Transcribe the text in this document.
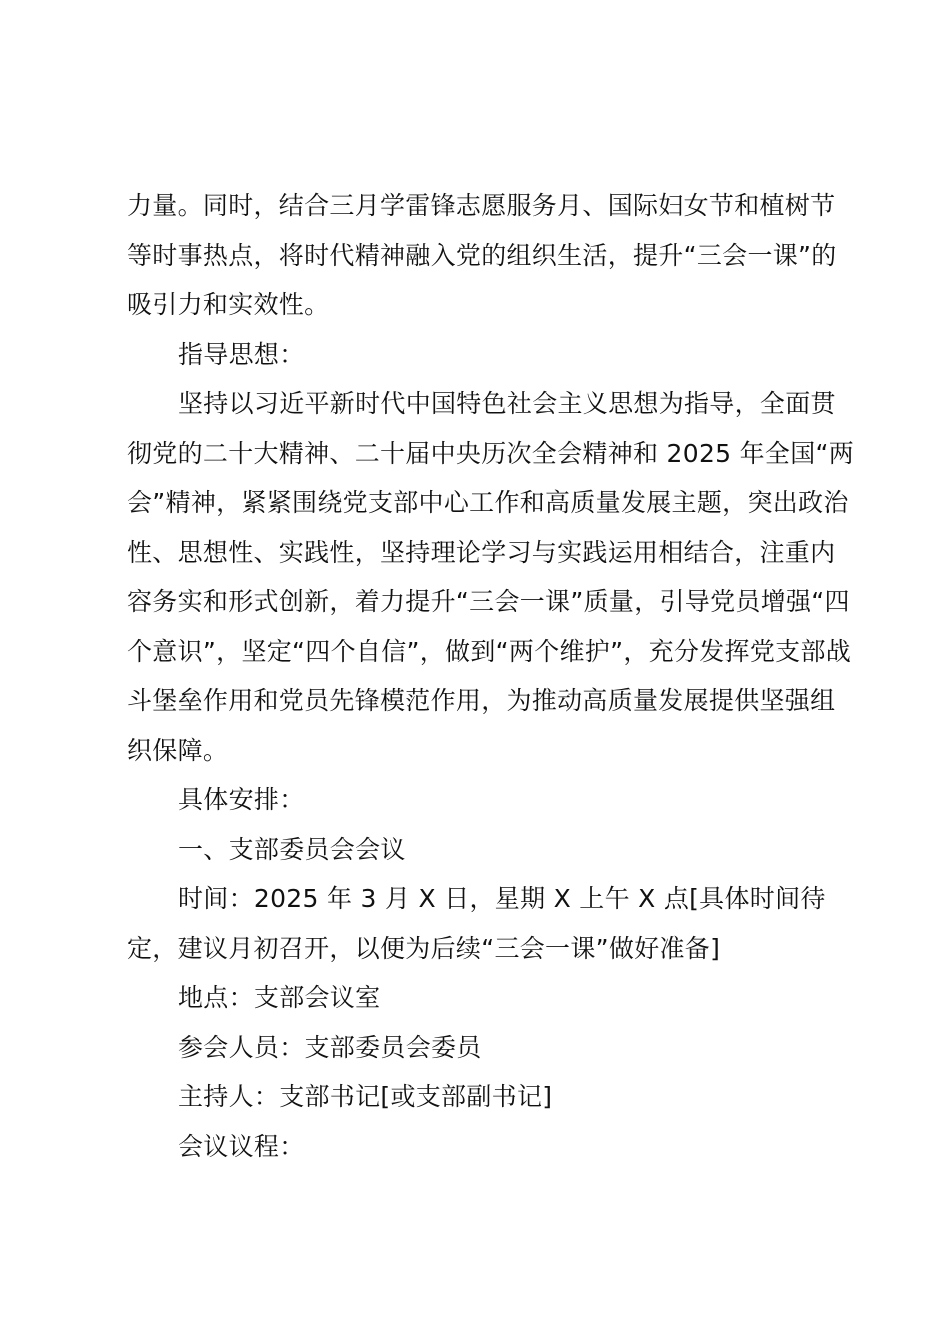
力量。同时，结合三月学雷锋志愿服务月、国际妇女节和植树节等时事热点，将时代精神融入党的组织生活，提升“三会一课”的吸引力和实效性。

指导思想：

坚持以习近平新时代中国特色社会主义思想为指导，全面贯彻党的二十大精神、二十届中央历次全会精神和 2025 年全国“两会”精神，紧紧围绕党支部中心工作和高质量发展主题，突出政治性、思想性、实践性，坚持理论学习与实践运用相结合，注重内容务实和形式创新，着力提升“三会一课”质量，引导党员增强“四个意识”，坚定“四个自信”，做到“两个维护”，充分发挥党支部战斗堡垒作用和党员先锋模范作用，为推动高质量发展提供坚强组织保障。

具体安排：

一、支部委员会会议

时间：2025 年 3 月 X 日，星期 X 上午 X 点[具体时间待定，建议月初召开，以便为后续“三会一课”做好准备]

地点：支部会议室

参会人员：支部委员会委员

主持人：支部书记[或支部副书记]

会议议程：
